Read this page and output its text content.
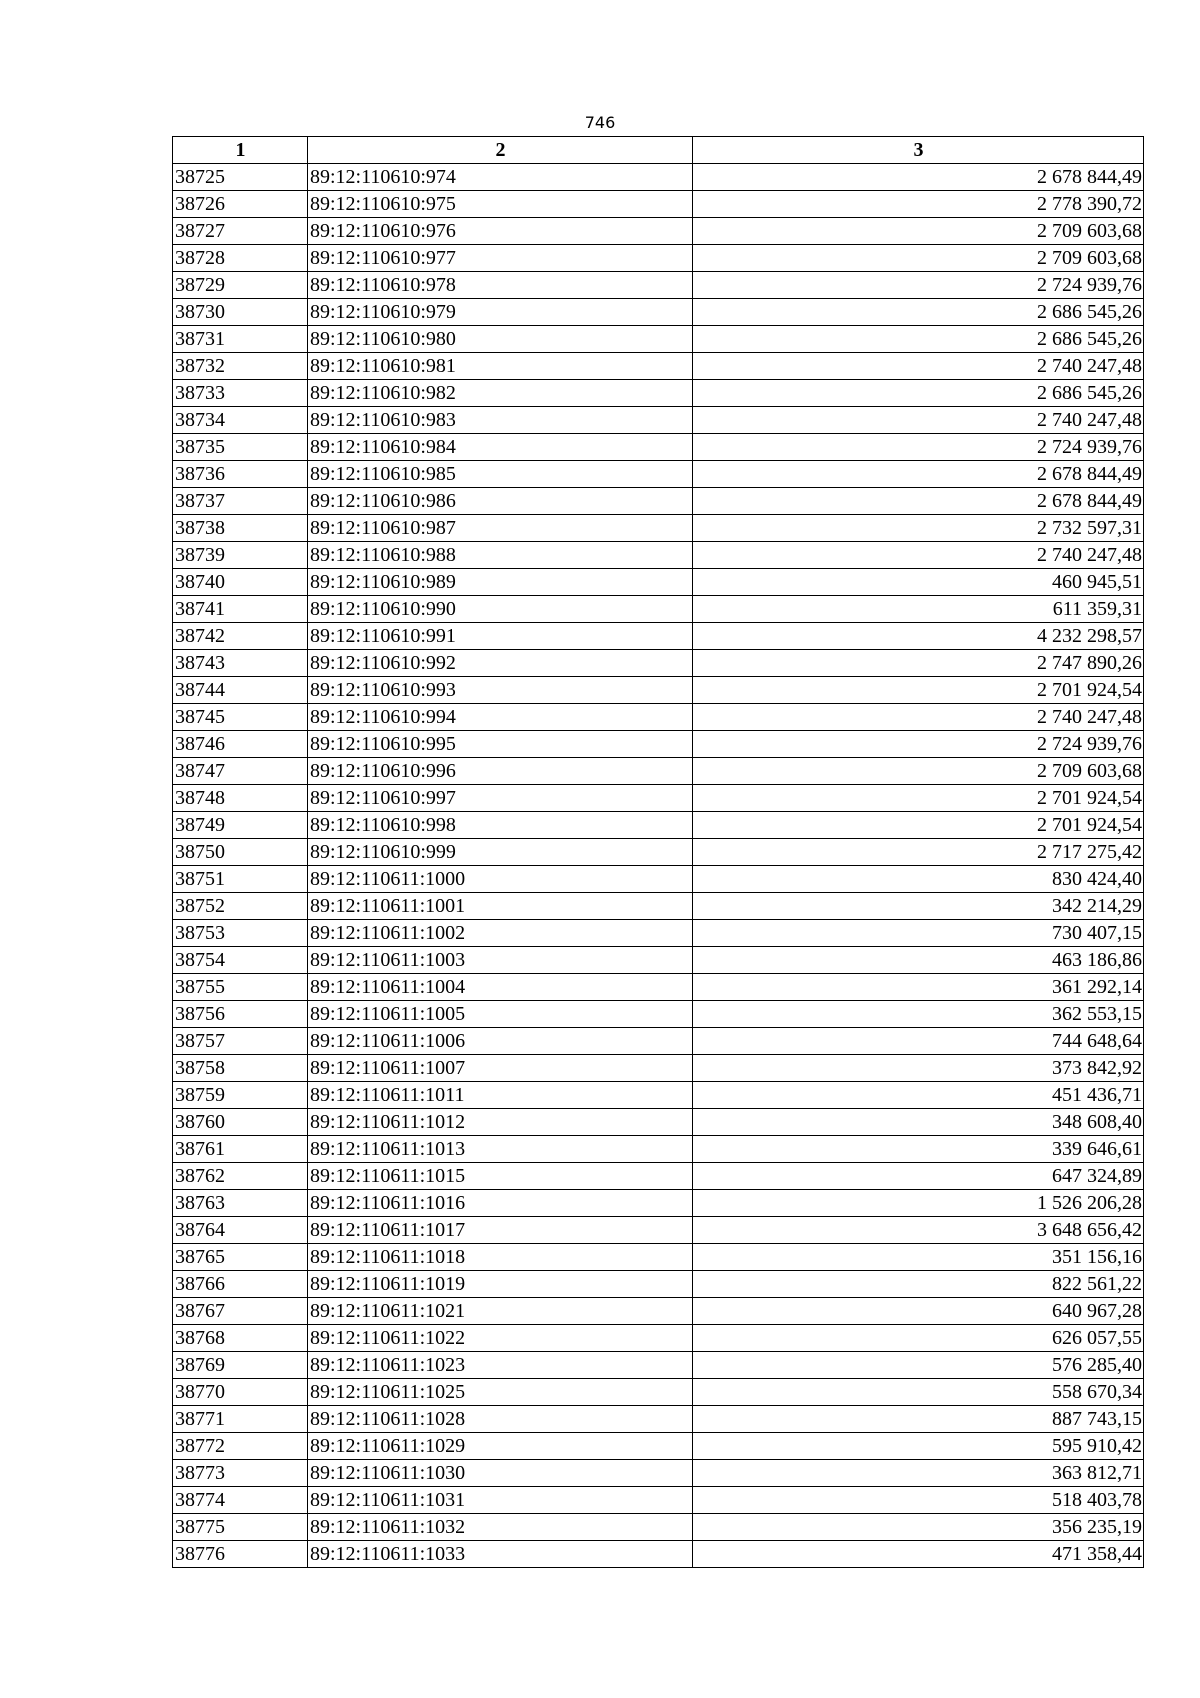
746
1	2	3
38725	89:12:110610:974	2 678 844,49
38726	89:12:110610:975	2 778 390,72
38727	89:12:110610:976	2 709 603,68
38728	89:12:110610:977	2 709 603,68
38729	89:12:110610:978	2 724 939,76
38730	89:12:110610:979	2 686 545,26
38731	89:12:110610:980	2 686 545,26
38732	89:12:110610:981	2 740 247,48
38733	89:12:110610:982	2 686 545,26
38734	89:12:110610:983	2 740 247,48
38735	89:12:110610:984	2 724 939,76
38736	89:12:110610:985	2 678 844,49
38737	89:12:110610:986	2 678 844,49
38738	89:12:110610:987	2 732 597,31
38739	89:12:110610:988	2 740 247,48
38740	89:12:110610:989	460 945,51
38741	89:12:110610:990	611 359,31
38742	89:12:110610:991	4 232 298,57
38743	89:12:110610:992	2 747 890,26
38744	89:12:110610:993	2 701 924,54
38745	89:12:110610:994	2 740 247,48
38746	89:12:110610:995	2 724 939,76
38747	89:12:110610:996	2 709 603,68
38748	89:12:110610:997	2 701 924,54
38749	89:12:110610:998	2 701 924,54
38750	89:12:110610:999	2 717 275,42
38751	89:12:110611:1000	830 424,40
38752	89:12:110611:1001	342 214,29
38753	89:12:110611:1002	730 407,15
38754	89:12:110611:1003	463 186,86
38755	89:12:110611:1004	361 292,14
38756	89:12:110611:1005	362 553,15
38757	89:12:110611:1006	744 648,64
38758	89:12:110611:1007	373 842,92
38759	89:12:110611:1011	451 436,71
38760	89:12:110611:1012	348 608,40
38761	89:12:110611:1013	339 646,61
38762	89:12:110611:1015	647 324,89
38763	89:12:110611:1016	1 526 206,28
38764	89:12:110611:1017	3 648 656,42
38765	89:12:110611:1018	351 156,16
38766	89:12:110611:1019	822 561,22
38767	89:12:110611:1021	640 967,28
38768	89:12:110611:1022	626 057,55
38769	89:12:110611:1023	576 285,40
38770	89:12:110611:1025	558 670,34
38771	89:12:110611:1028	887 743,15
38772	89:12:110611:1029	595 910,42
38773	89:12:110611:1030	363 812,71
38774	89:12:110611:1031	518 403,78
38775	89:12:110611:1032	356 235,19
38776	89:12:110611:1033	471 358,44
